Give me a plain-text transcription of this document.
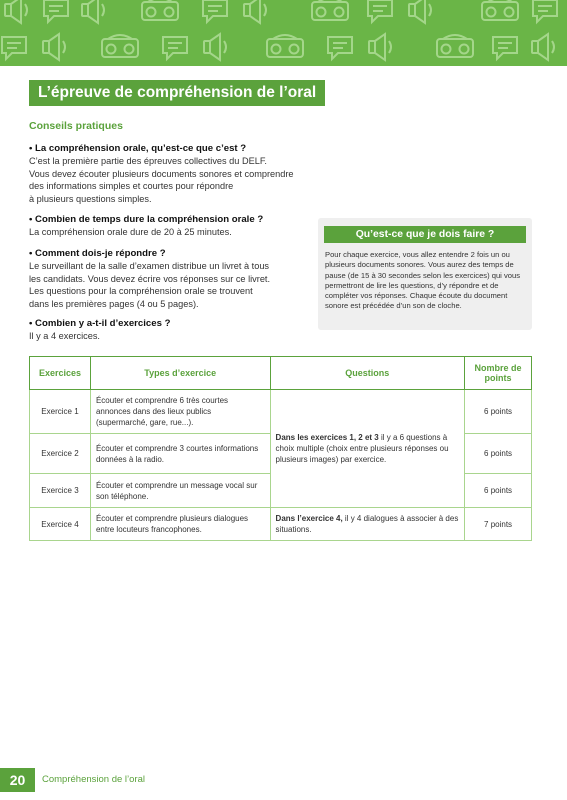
L’épreuve de compréhension de l’oral
Conseils pratiques
• La compréhension orale, qu’est-ce que c’est ?
C’est la première partie des épreuves collectives du DELF.
Vous devez écouter plusieurs documents sonores et comprendre
des informations simples et courtes pour répondre
à plusieurs questions simples.
• Combien de temps dure la compréhension orale ?
La compréhension orale dure de 20 à 25 minutes.
• Comment dois-je répondre ?
Le surveillant de la salle d’examen distribue un livret à tous
les candidats. Vous devez écrire vos réponses sur ce livret.
Les questions pour la compréhension orale se trouvent
dans les premières pages (4 ou 5 pages).
• Combien y a-t-il d’exercices ?
Il y a 4 exercices.
Qu’est-ce que je dois faire ?
Pour chaque exercice, vous allez entendre 2 fois un ou plusieurs documents sonores. Vous aurez des temps de pause (de 15 à 30 secondes selon les exercices) qui vous permettront de lire les questions, d’y répondre et de compléter vos réponses. Chaque écoute du document sonore est précédée d’un son de cloche.
Exercices	Types d’exercice	Questions	Nombre de points
Exercice 1	Écouter et comprendre 6 très courtes annonces dans des lieux publics (supermarché, gare, rue...).	Dans les exercices 1, 2 et 3 il y a 6 questions à choix multiple (choix entre plusieurs réponses ou plusieurs images) par exercice.	6 points
Exercice 2	Écouter et comprendre 3 courtes informations données à la radio.		6 points
Exercice 3	Écouter et comprendre un message vocal sur son téléphone.		6 points
Exercice 4	Écouter et comprendre plusieurs dialogues entre locuteurs francophones.	Dans l’exercice 4, il y 4 dialogues à associer à des situations.	7 points
20	Compréhension de l’oral
